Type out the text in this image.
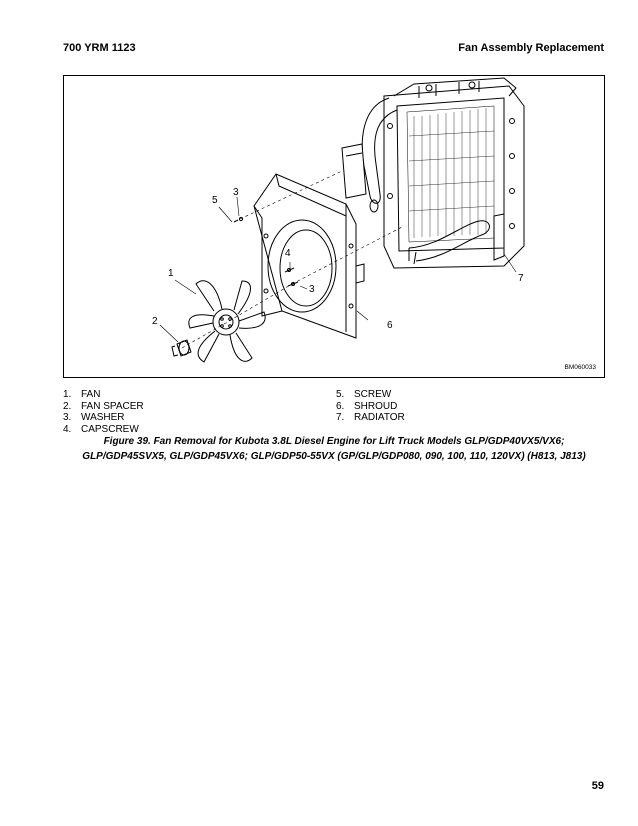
700 YRM 1123	Fan Assembly Replacement
1
2
3
3
4
5
6
7
BM060033
1. FAN
2. FAN SPACER
3. WASHER
4. CAPSCREW
5. SCREW
6. SHROUD
7. RADIATOR
Figure 39. Fan Removal for Kubota 3.8L Diesel Engine for Lift Truck Models GLP/GDP40VX5/VX6;
GLP/GDP45SVX5, GLP/GDP45VX6; GLP/GDP50-55VX (GP/GLP/GDP080, 090, 100, 110, 120VX) (H813, J813)
59
